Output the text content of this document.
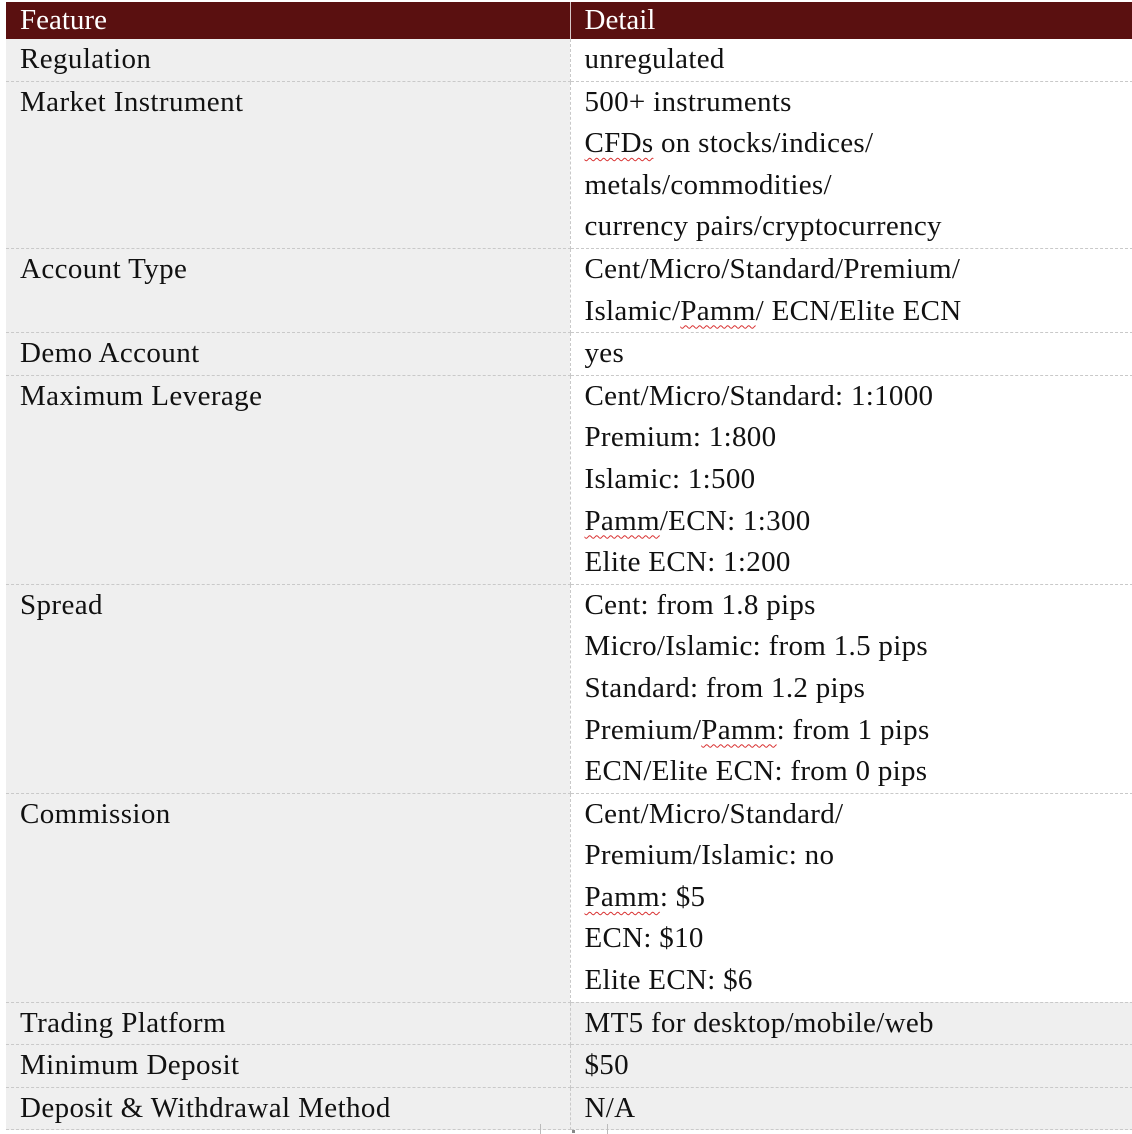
Feature	Detail
Regulation	unregulated

Market Instrument	500+ instruments
CFDs on stocks/indices/
metals/commodities/
currency pairs/cryptocurrency

Account Type	Cent/Micro/Standard/Premium/
Islamic/Pamm/ ECN/Elite ECN

Demo Account	yes

Maximum Leverage	Cent/Micro/Standard: 1:1000
Premium: 1:800
Islamic: 1:500
Pamm/ECN: 1:300
Elite ECN: 1:200

Spread	Cent: from 1.8 pips
Micro/Islamic: from 1.5 pips
Standard: from 1.2 pips
Premium/Pamm: from 1 pips
ECN/Elite ECN: from 0 pips

Commission	Cent/Micro/Standard/
Premium/Islamic: no
Pamm: $5
ECN: $10
Elite ECN: $6

Trading Platform	MT5 for desktop/mobile/web

Minimum Deposit	$50

Deposit & Withdrawal Method	N/A
